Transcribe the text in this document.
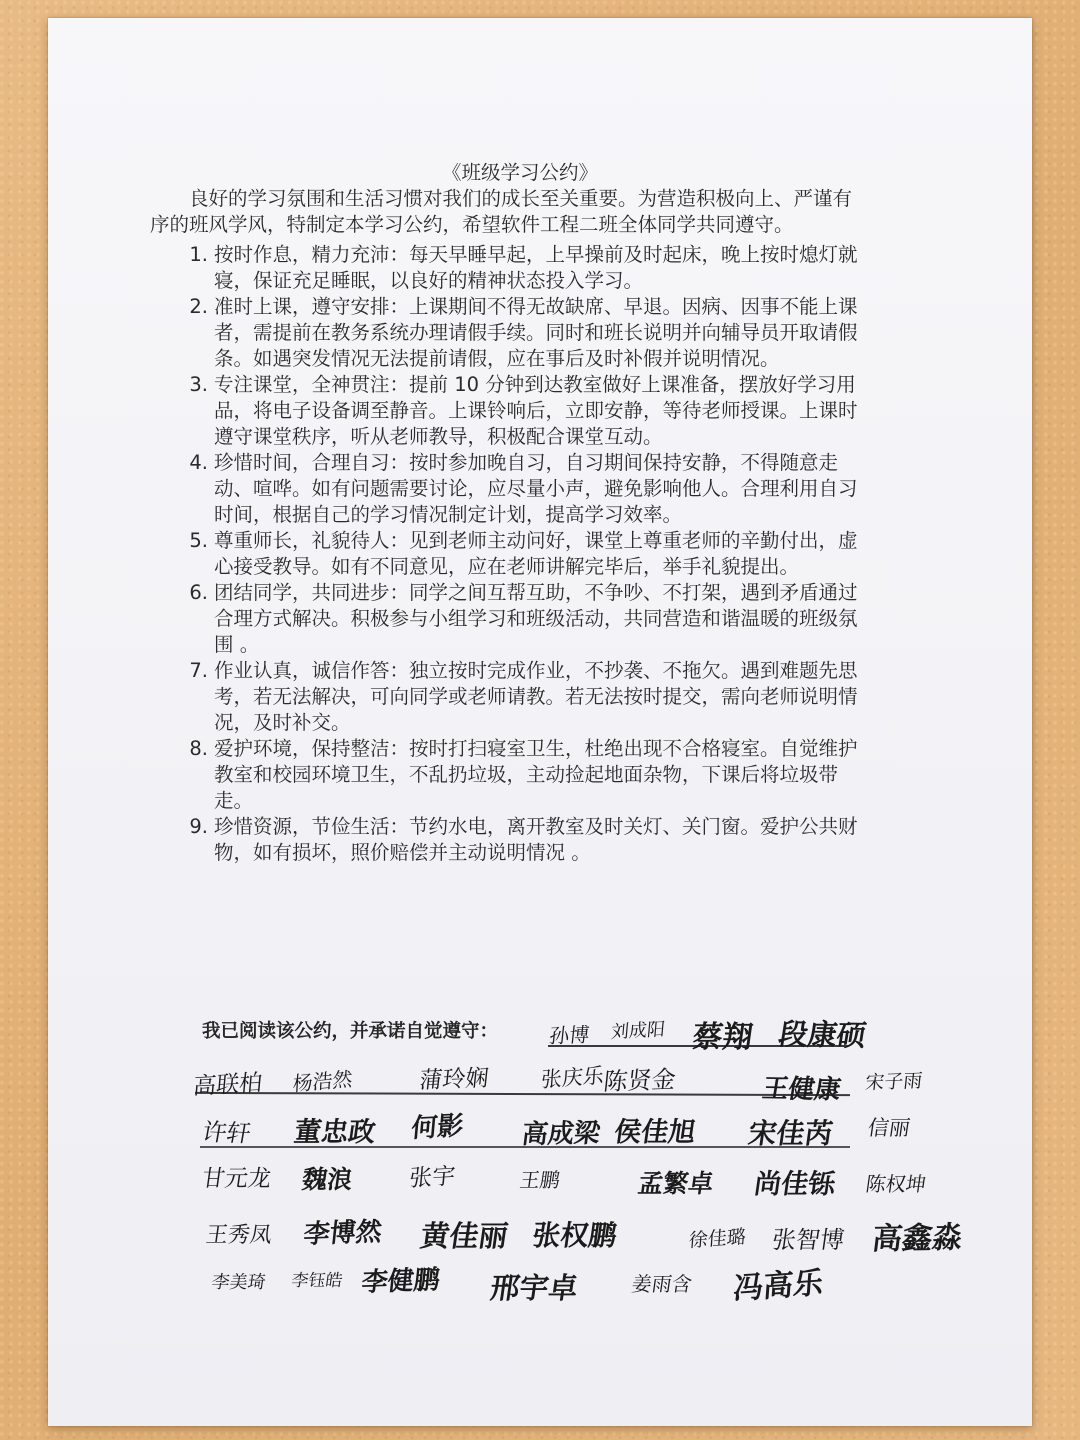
《班级学习公约》

良好的学习氛围和生活习惯对我们的成长至关重要。为营造积极向上、严谨有序的班风学风，特制定本学习公约，希望软件工程二班全体同学共同遵守。

1. 按时作息，精力充沛：每天早睡早起，上早操前及时起床，晚上按时熄灯就寝，保证充足睡眠，以良好的精神状态投入学习。
2. 准时上课，遵守安排：上课期间不得无故缺席、早退。因病、因事不能上课者，需提前在教务系统办理请假手续。同时和班长说明并向辅导员开取请假条。如遇突发情况无法提前请假，应在事后及时补假并说明情况。
3. 专注课堂，全神贯注：提前 10 分钟到达教室做好上课准备，摆放好学习用品，将电子设备调至静音。上课铃响后，立即安静，等待老师授课。上课时遵守课堂秩序，听从老师教导，积极配合课堂互动。
4. 珍惜时间，合理自习：按时参加晚自习，自习期间保持安静，不得随意走动、喧哗。如有问题需要讨论，应尽量小声，避免影响他人。合理利用自习时间，根据自己的学习情况制定计划，提高学习效率。
5. 尊重师长，礼貌待人：见到老师主动问好，课堂上尊重老师的辛勤付出，虚心接受教导。如有不同意见，应在老师讲解完毕后，举手礼貌提出。
6. 团结同学，共同进步：同学之间互帮互助，不争吵、不打架，遇到矛盾通过合理方式解决。积极参与小组学习和班级活动，共同营造和谐温暖的班级氛围 。
7. 作业认真，诚信作答：独立按时完成作业，不抄袭、不拖欠。遇到难题先思考，若无法解决，可向同学或老师请教。若无法按时提交，需向老师说明情况，及时补交。
8. 爱护环境，保持整洁：按时打扫寝室卫生，杜绝出现不合格寝室。自觉维护教室和校园环境卫生，不乱扔垃圾，主动捡起地面杂物，下课后将垃圾带走。
9. 珍惜资源，节俭生活：节约水电，离开教室及时关灯、关门窗。爱护公共财物，如有损坏，照价赔偿并主动说明情况 。
我已阅读该公约，并承诺自觉遵守：	孙博 刘成阳 蔡翔 段康硕
高联柏 杨浩然	蒲玲娴 张庆乐
陈贤金	王健康 宋子雨
许轩 董忠政 何影 高成梁 侯佳旭 宋佳芮 信丽
甘元龙 魏浪 张宇	王鹏	孟繁卓 尚佳铄 陈权坤
王秀凤 李博然 黄佳丽 张权鹏	徐佳璐 张智博 高鑫淼
李美琦 李钰皓 李健鹏 邢宇卓	姜雨含 冯高乐
